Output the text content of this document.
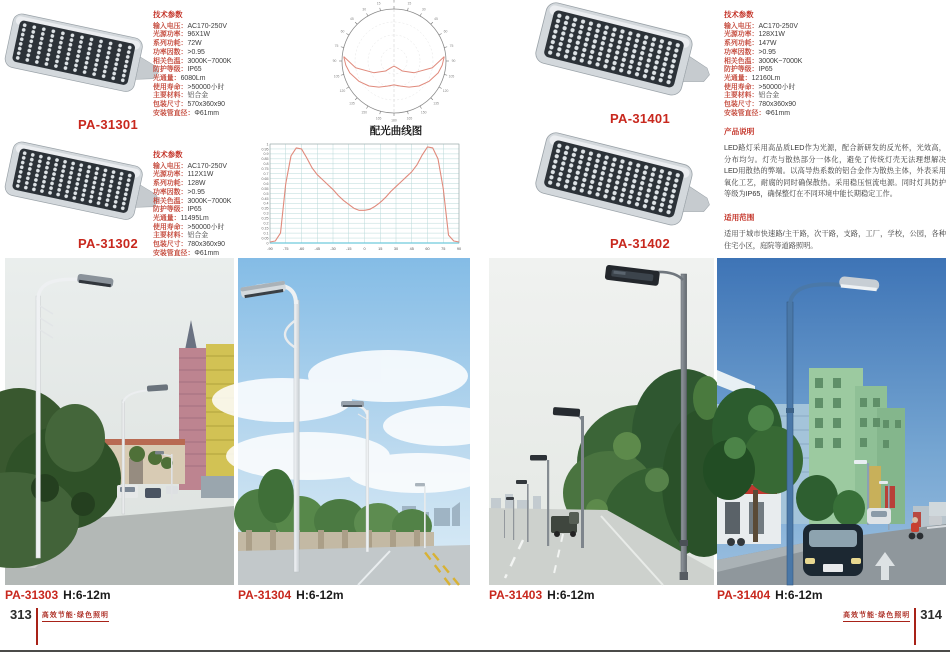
PA-31301
技术参数
输入电压：AC170-250V
光源功率：96X1W
系列功耗：72W
功率因数：>0.95
相关色温：3000K~7000K
防护等级：IP65
光通量：6080Lm
使用寿命：>50000小时
主要材料：铝合金
包装尺寸：570x360x90
安装管直径：Φ61mm
0
15
30
45
60
75
90
105
120
135
150
165
180
165
150
135
120
105
90
75
60
45
30
15
配光曲线图
PA-31302
技术参数
输入电压：AC170-250V
光源功率：112X1W
系列功耗：128W
功率因数：>0.95
相关色温：3000K~7000K
防护等级：IP65
光通量：11495Lm
使用寿命：>50000小时
主要材料：铝合金
包装尺寸：780x360x90
安装管直径：Φ61mm
0
0.05
0.1
0.15
0.2
0.25
0.3
0.35
0.4
0.45
0.5
0.55
0.6
0.65
0.7
0.75
0.8
0.85
0.9
0.95
1
-90	-75	-60	-45	-30	-15	0	15	30	45	60	75	90
PA-31401
技术参数
输入电压：AC170-250V
光源功率：128X1W
系列功耗：147W
功率因数：>0.95
相关色温：3000K~7000K
防护等级：IP65
光通量：12160Lm
使用寿命：>50000小时
主要材料：铝合金
包装尺寸：780x360x90
安装管直径：Φ61mm
PA-31402
产品说明
LED路灯采用高品质LED作为光源，配合新研发的反光杯，光效高，分布均匀。灯壳与散热部分一体化，避免了传统灯壳无法理想解决LED用散热的弊端。以高导热系数的铝合金作为散热主体，外表采用氧化工艺，耐腐的同时确保散热。采用稳压恒流电源。同时灯具防护等级为IP65，确保整灯在不同环境中能长期稳定工作。
适用范围
适用于城市快速路/主干路，次干路，支路，工厂，学校，公园，各种住宅小区，庭院等道路照明。
PA-31303 H:6-12m	PA-31304 H:6-12m	PA-31403 H:6-12m	PA-31404 H:6-12m
313 高效节能·绿色照明	高效节能·绿色照明 314
